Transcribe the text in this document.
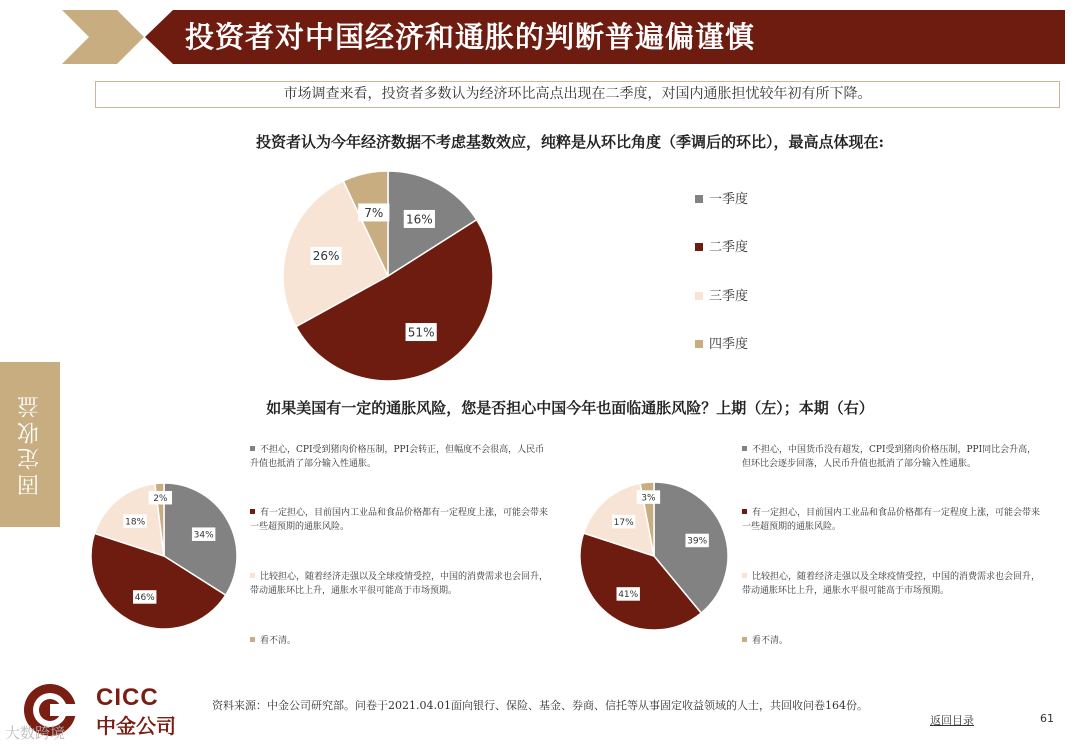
投资者对中国经济和通胀的判断普遍偏谨慎
市场调查来看，投资者多数认为经济环比高点出现在二季度，对国内通胀担忧较年初有所下降。
固定收益
投资者认为今年经济数据不考虑基数效应，纯粹是从环比角度（季调后的环比），最高点体现在:
16%
51%
26%
7%
一季度
二季度
三季度
四季度
如果美国有一定的通胀风险，您是否担心中国今年也面临通胀风险？上期（左）；本期（右）
34%
46%
18%
2%
不担心，CPI受到猪肉价格压制，PPI会转正，但幅度不会很高，人民币升值也抵消了部分输入性通胀。
有一定担心，目前国内工业品和食品价格都有一定程度上涨，可能会带来一些超预期的通胀风险。
比较担心，随着经济走强以及全球疫情受控，中国的消费需求也会回升，带动通胀环比上升，通胀水平很可能高于市场预期。
看不清。
39%
41%
17%
3%
不担心，中国货币没有超发，CPI受到猪肉价格压制，PPI同比会升高，但环比会逐步回落，人民币升值也抵消了部分输入性通胀。
有一定担心，目前国内工业品和食品价格都有一定程度上涨，可能会带来一些超预期的通胀风险。
比较担心，随着经济走强以及全球疫情受控，中国的消费需求也会回升，带动通胀环比上升，通胀水平很可能高于市场预期。
看不清。
CICC
中金公司
资料来源：中金公司研究部。问卷于2021.04.01面向银行、保险、基金、券商、信托等从事固定收益领域的人士，共回收问卷164份。
返回目录	61
大数跨境
